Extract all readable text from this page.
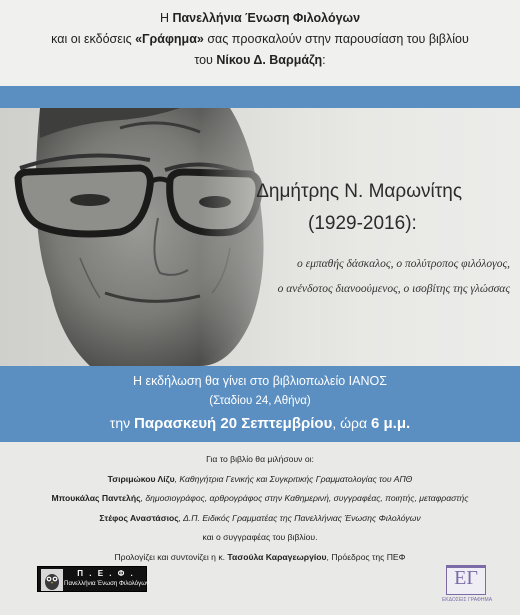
Η Πανελλήνια Ένωση Φιλολόγων
και οι εκδόσεις «Γράφημα» σας προσκαλούν στην παρουσίαση του βιβλίου
του Νίκου Δ. Βαρμάζη:
Δημήτρης Ν. Μαρωνίτης
(1929-2016):
ο εμπαθής δάσκαλος, ο πολύτροπος φιλόλογος,
ο ανένδοτος διανοούμενος, ο ισοβίτης της γλώσσας
Η εκδήλωση θα γίνει στο βιβλιοπωλείο ΙΑΝΟΣ
(Σταδίου 24, Αθήνα)
την Παρασκευή 20 Σεπτεμβρίου, ώρα 6 μ.μ.
Για το βιβλίο θα μιλήσουν οι:
Τσιριμώκου Λίζυ, Καθηγήτρια Γενικής και Συγκριτικής Γραμματολογίας του ΑΠΘ
Μπουκάλας Παντελής, δημοσιογράφος, αρθρογράφος στην Καθημερινή, συγγραφέας, ποιητής, μεταφραστής
Στέφος Αναστάσιος, Δ.Π. Ειδικός Γραμματέας της Πανελλήνιας Ένωσης Φιλολόγων
και ο συγγραφέας του βιβλίου.
Προλογίζει και συντονίζει η κ. Τασούλα Καραγεωργίου, Πρόεδρος της ΠΕΦ
Π . Ε . Φ .
Πανελλήνια Ένωση Φιλολόγων	ΕΓ
ΕΚΔΟΣΕΙΣ ΓΡΑΦΗΜΑ
